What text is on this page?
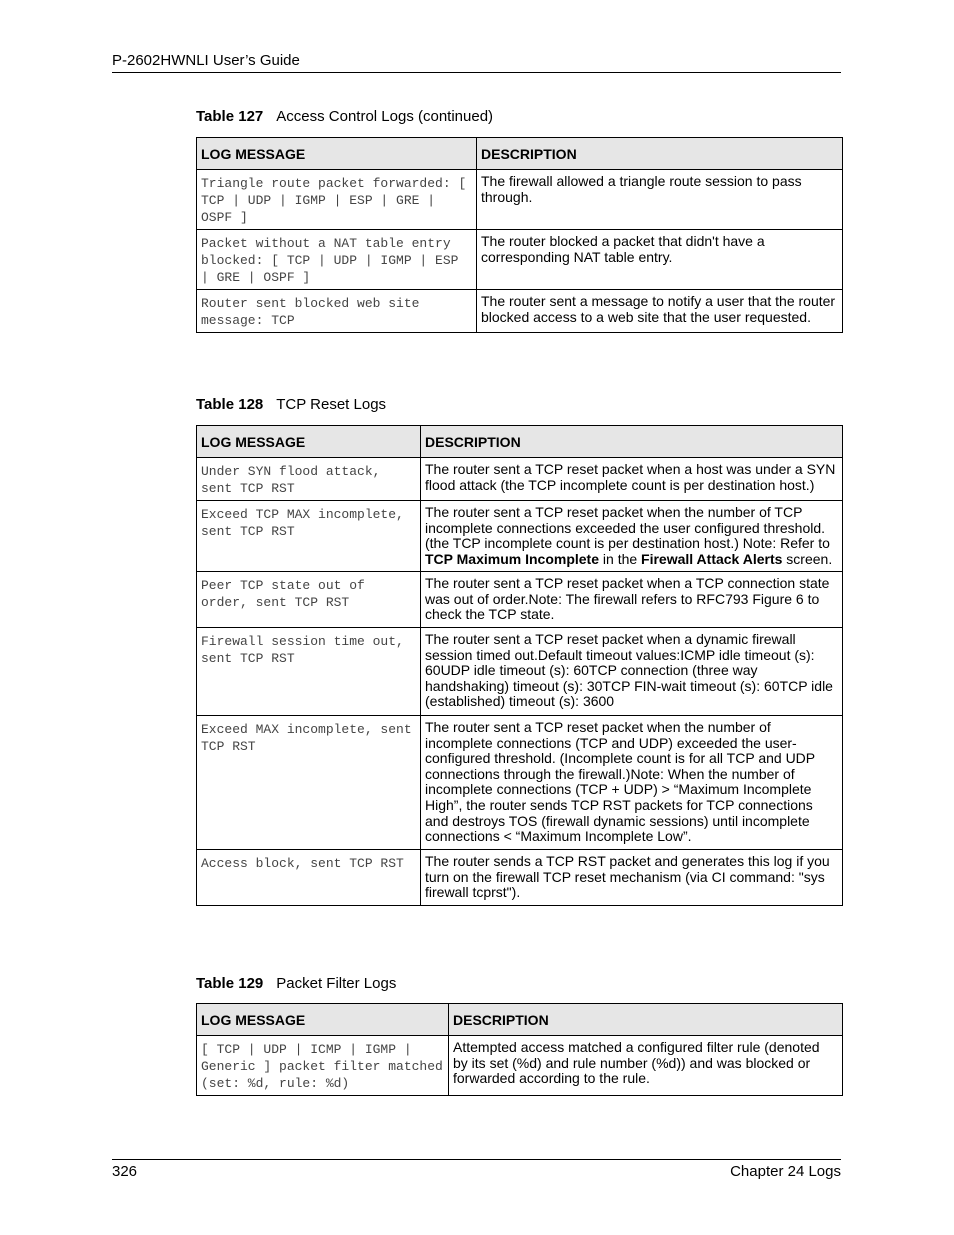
P-2602HWNLI User’s Guide
Table 127 Access Control Logs (continued)
LOG MESSAGE	DESCRIPTION
Triangle route packet forwarded: [ TCP | UDP | IGMP | ESP | GRE | OSPF ]	The firewall allowed a triangle route session to pass through.
Packet without a NAT table entry blocked: [ TCP | UDP | IGMP | ESP | GRE | OSPF ]	The router blocked a packet that didn't have a corresponding NAT table entry.
Router sent blocked web site message: TCP	The router sent a message to notify a user that the router blocked access to a web site that the user requested.
Table 128 TCP Reset Logs
LOG MESSAGE	DESCRIPTION
Under SYN flood attack, sent TCP RST	The router sent a TCP reset packet when a host was under a SYN flood attack (the TCP incomplete count is per destination host.)
Exceed TCP MAX incomplete, sent TCP RST	The router sent a TCP reset packet when the number of TCP incomplete connections exceeded the user configured threshold. (the TCP incomplete count is per destination host.) Note: Refer to TCP Maximum Incomplete in the Firewall Attack Alerts screen.
Peer TCP state out of order, sent TCP RST	The router sent a TCP reset packet when a TCP connection state was out of order.Note: The firewall refers to RFC793 Figure 6 to check the TCP state.
Firewall session time out, sent TCP RST	The router sent a TCP reset packet when a dynamic firewall session timed out.Default timeout values:ICMP idle timeout (s): 60UDP idle timeout (s): 60TCP connection (three way handshaking) timeout (s): 30TCP FIN-wait timeout (s): 60TCP idle (established) timeout (s): 3600
Exceed MAX incomplete, sent TCP RST	The router sent a TCP reset packet when the number of incomplete connections (TCP and UDP) exceeded the user-configured threshold. (Incomplete count is for all TCP and UDP connections through the firewall.)Note: When the number of incomplete connections (TCP + UDP) > “Maximum Incomplete High”, the router sends TCP RST packets for TCP connections and destroys TOS (firewall dynamic sessions) until incomplete connections < “Maximum Incomplete Low”.
Access block, sent TCP RST	The router sends a TCP RST packet and generates this log if you turn on the firewall TCP reset mechanism (via CI command: "sys firewall tcprst").
Table 129 Packet Filter Logs
LOG MESSAGE	DESCRIPTION
[ TCP | UDP | ICMP | IGMP | Generic ] packet filter matched (set: %d, rule: %d)	Attempted access matched a configured filter rule (denoted by its set (%d) and rule number (%d)) and was blocked or forwarded according to the rule.
326	Chapter 24 Logs
